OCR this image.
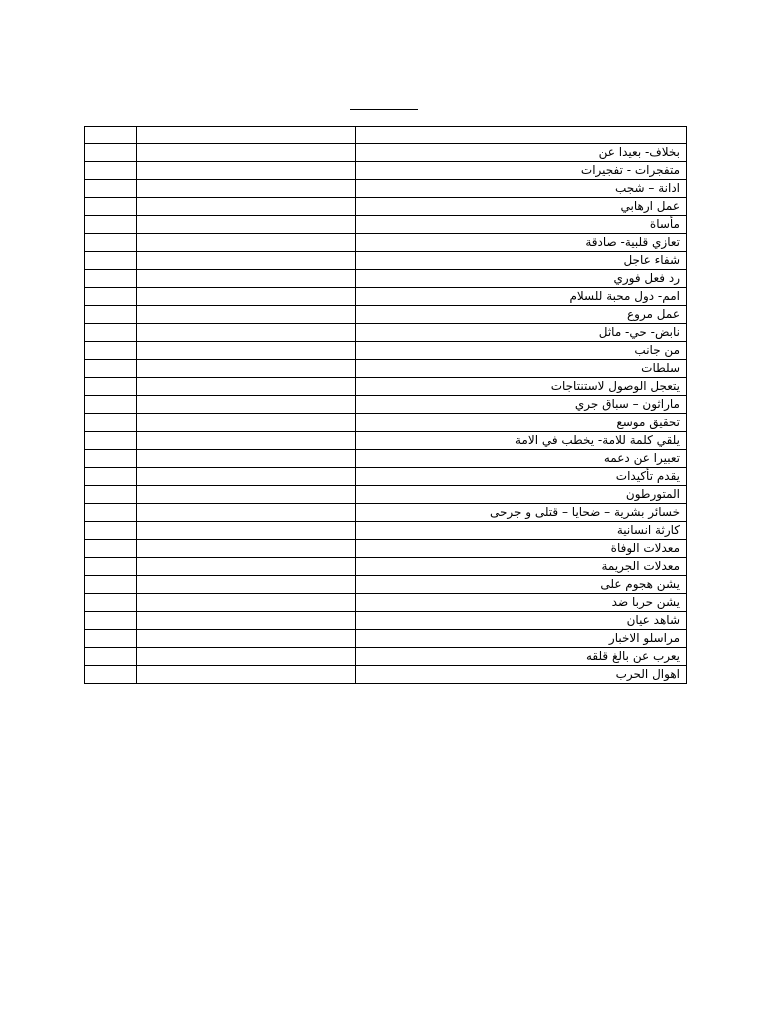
		بخلاف- بعيدا عن
		متفجرات - تفجيرات
		ادانة – شجب
		عمل ارهابي
		مأساة
		تعازي قلبية- صادقة
		شفاء عاجل
		رد فعل فوري
		امم- دول محبة للسلام
		عمل مروع
		نابض- حي- ماثل
		من جانب
		سلطات
		يتعجل الوصول لاستنتاجات
		ماراثون – سباق جري
		تحقيق موسع
		يلقي كلمة للامة- يخطب في الامة
		تعبيرا عن دعمه
		يقدم تأكيدات
		المتورطون
		خسائر بشرية – ضحايا – قتلى و جرحى
		كارثة انسانية
		معدلات الوفاة
		معدلات الجريمة
		يشن هجوم على
		يشن حربا ضد
		شاهد عيان
		مراسلو الاخبار
		يعرب عن بالغ قلقه
		اهوال الحرب
